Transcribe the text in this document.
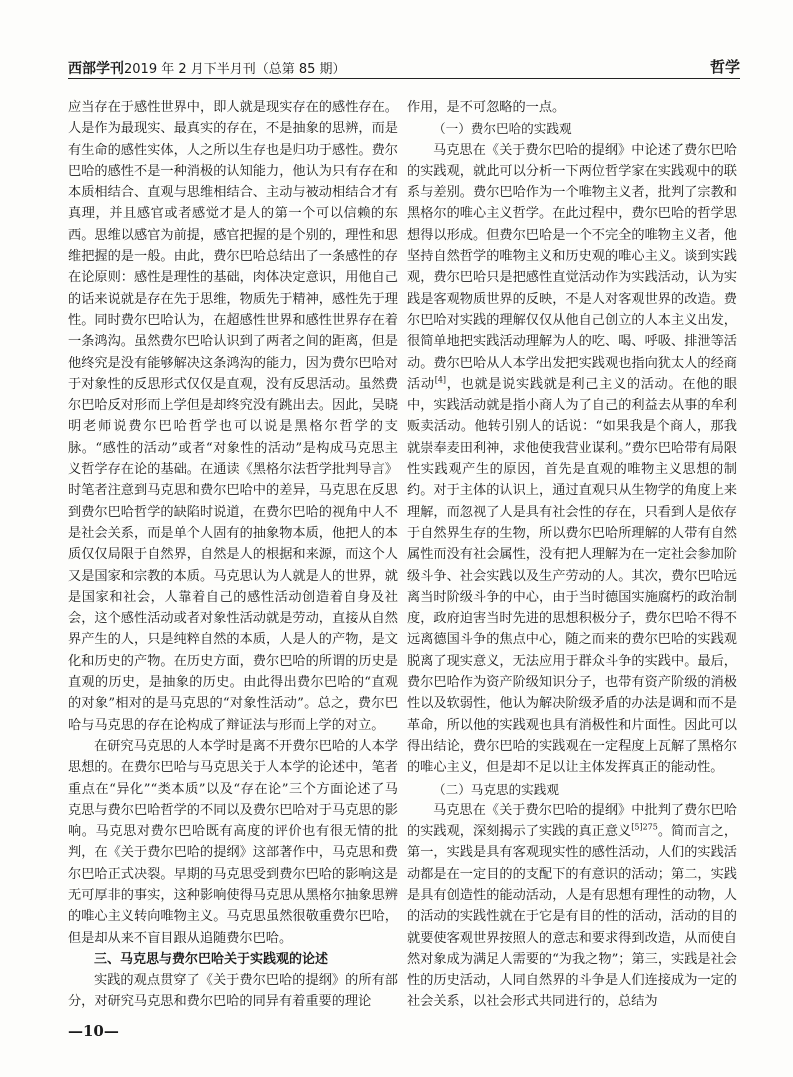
西部学刊2019 年 2 月下半月刊（总第 85 期）	哲学

应当存在于感性世界中，即人就是现实存在的感性存在。人是作为最现实、最真实的存在，不是抽象的思辨，而是有生命的感性实体，人之所以生存也是归功于感性。费尔巴哈的感性不是一种消极的认知能力，他认为只有存在和本质相结合、直观与思维相结合、主动与被动相结合才有真理，并且感官或者感觉才是人的第一个可以信赖的东西。思维以感官为前提，感官把握的是个别的，理性和思维把握的是一般。由此，费尔巴哈总结出了一条感性的存在论原则：感性是理性的基础，肉体决定意识，用他自己的话来说就是存在先于思维，物质先于精神，感性先于理性。同时费尔巴哈认为，在超感性世界和感性世界存在着一条鸿沟。虽然费尔巴哈认识到了两者之间的距离，但是他终究是没有能够解决这条鸿沟的能力，因为费尔巴哈对于对象性的反思形式仅仅是直观，没有反思活动。虽然费尔巴哈反对形而上学但是却终究没有跳出去。因此，吴晓明老师说费尔巴哈哲学也可以说是黑格尔哲学的支脉。“感性的活动”或者“对象性的活动”是构成马克思主义哲学存在论的基础。在通读《黑格尔法哲学批判导言》时笔者注意到马克思和费尔巴哈中的差异，马克思在反思到费尔巴哈哲学的缺陷时说道，在费尔巴哈的视角中人不是社会关系，而是单个人固有的抽象物本质，他把人的本质仅仅局限于自然界，自然是人的根据和来源，而这个人又是国家和宗教的本质。马克思认为人就是人的世界，就是国家和社会，人靠着自己的感性活动创造着自身及社会，这个感性活动或者对象性活动就是劳动，直接从自然界产生的人，只是纯粹自然的本质，人是人的产物，是文化和历史的产物。在历史方面，费尔巴哈的所谓的历史是直观的历史，是抽象的历史。由此得出费尔巴哈的“直观的对象”相对的是马克思的“对象性活动”。总之，费尔巴哈与马克思的存在论构成了辩证法与形而上学的对立。

在研究马克思的人本学时是离不开费尔巴哈的人本学思想的。在费尔巴哈与马克思关于人本学的论述中，笔者重点在“异化”“类本质”以及“存在论”三个方面论述了马克思与费尔巴哈哲学的不同以及费尔巴哈对于马克思的影响。马克思对费尔巴哈既有高度的评价也有很无情的批判，在《关于费尔巴哈的提纲》这部著作中，马克思和费尔巴哈正式决裂。早期的马克思受到费尔巴哈的影响这是无可厚非的事实，这种影响使得马克思从黑格尔抽象思辨的唯心主义转向唯物主义。马克思虽然很敬重费尔巴哈，但是却从来不盲目跟从追随费尔巴哈。

三、马克思与费尔巴哈关于实践观的论述

实践的观点贯穿了《关于费尔巴哈的提纲》的所有部分，对研究马克思和费尔巴哈的同异有着重要的理论

作用，是不可忽略的一点。

（一）费尔巴哈的实践观

马克思在《关于费尔巴哈的提纲》中论述了费尔巴哈的实践观，就此可以分析一下两位哲学家在实践观中的联系与差别。费尔巴哈作为一个唯物主义者，批判了宗教和黑格尔的唯心主义哲学。在此过程中，费尔巴哈的哲学思想得以形成。但费尔巴哈是一个不完全的唯物主义者，他坚持自然哲学的唯物主义和历史观的唯心主义。谈到实践观，费尔巴哈只是把感性直觉活动作为实践活动，认为实践是客观物质世界的反映，不是人对客观世界的改造。费尔巴哈对实践的理解仅仅从他自己创立的人本主义出发，很简单地把实践活动理解为人的吃、喝、呼吸、排泄等活动。费尔巴哈从人本学出发把实践观也指向犹太人的经商活动[4]，也就是说实践就是利己主义的活动。在他的眼中，实践活动就是指小商人为了自己的利益去从事的牟利贩卖活动。他转引别人的话说：“如果我是个商人，那我就崇奉麦田利神，求他使我营业谋利。”费尔巴哈带有局限性实践观产生的原因，首先是直观的唯物主义思想的制约。对于主体的认识上，通过直观只从生物学的角度上来理解，而忽视了人是具有社会性的存在，只看到人是依存于自然界生存的生物，所以费尔巴哈所理解的人带有自然属性而没有社会属性，没有把人理解为在一定社会参加阶级斗争、社会实践以及生产劳动的人。其次，费尔巴哈远离当时阶级斗争的中心，由于当时德国实施腐朽的政治制度，政府迫害当时先进的思想积极分子，费尔巴哈不得不远离德国斗争的焦点中心，随之而来的费尔巴哈的实践观脱离了现实意义，无法应用于群众斗争的实践中。最后，费尔巴哈作为资产阶级知识分子，也带有资产阶级的消极性以及软弱性，他认为解决阶级矛盾的办法是调和而不是革命，所以他的实践观也具有消极性和片面性。因此可以得出结论，费尔巴哈的实践观在一定程度上瓦解了黑格尔的唯心主义，但是却不足以让主体发挥真正的能动性。

（二）马克思的实践观

马克思在《关于费尔巴哈的提纲》中批判了费尔巴哈的实践观，深刻揭示了实践的真正意义$^{[5]275}$。简而言之，第一，实践是具有客观现实性的感性活动，人们的实践活动都是在一定目的的支配下的有意识的活动；第二，实践是具有创造性的能动活动，人是有思想有理性的动物，人的活动的实践性就在于它是有目的性的活动，活动的目的就要使客观世界按照人的意志和要求得到改造，从而使自然对象成为满足人需要的“为我之物”；第三，实践是社会性的历史活动，人同自然界的斗争是人们连接成为一定的社会关系，以社会形式共同进行的，总结为

—10—
